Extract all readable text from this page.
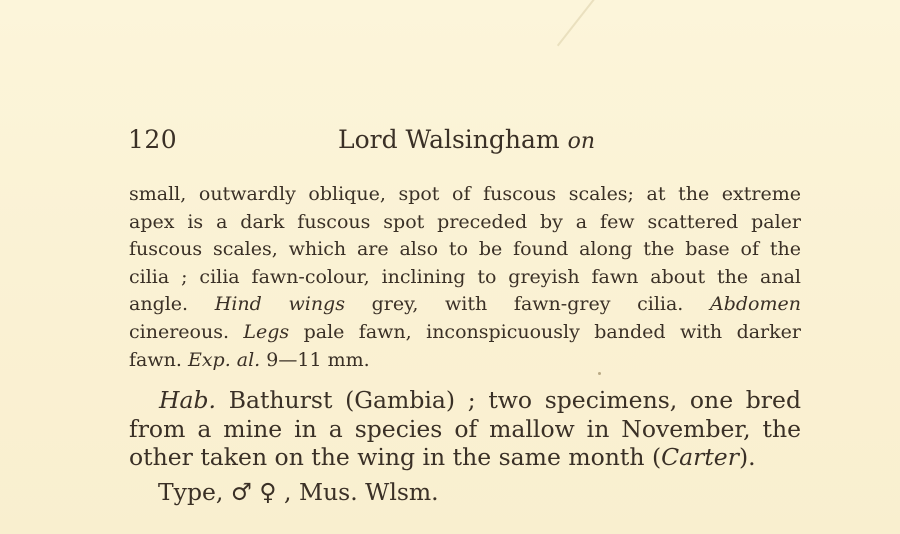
120	Lord Walsingham on
small, outwardly oblique, spot of fuscous scales; at the extreme
apex is a dark fuscous spot preceded by a few scattered paler
fuscous scales, which are also to be found along the base of the
cilia ; cilia fawn-colour, inclining to greyish fawn about the anal
angle. Hind wings grey, with fawn-grey cilia. Abdomen
cinereous. Legs pale fawn, inconspicuously banded with darker
fawn. Exp. al. 9—11 mm.
Hab. Bathurst (Gambia) ; two specimens, one bred
from a mine in a species of mallow in November, the
other taken on the wing in the same month (Carter).
Type, ♂ ♀ , Mus. Wlsm.
